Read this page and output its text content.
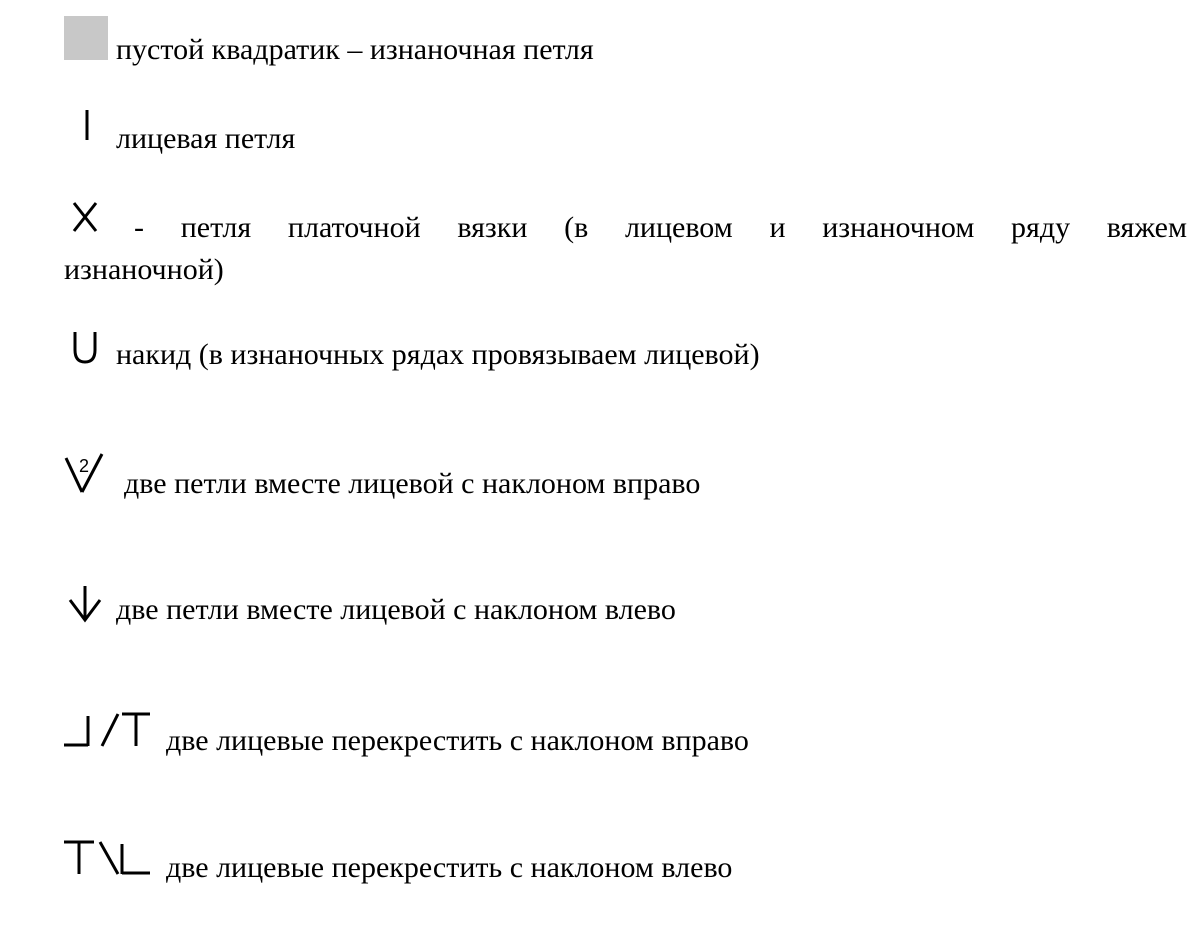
пустой квадратик – изнаночная петля
лицевая петля
- петля платочной вязки (в лицевом и изнаночном ряду вяжем
изнаночной)
накид (в изнаночных рядах провязываем лицевой)
2
две петли вместе лицевой с наклоном вправо
две петли вместе лицевой с наклоном влево
две лицевые перекрестить с наклоном вправо
две лицевые перекрестить с наклоном влево
